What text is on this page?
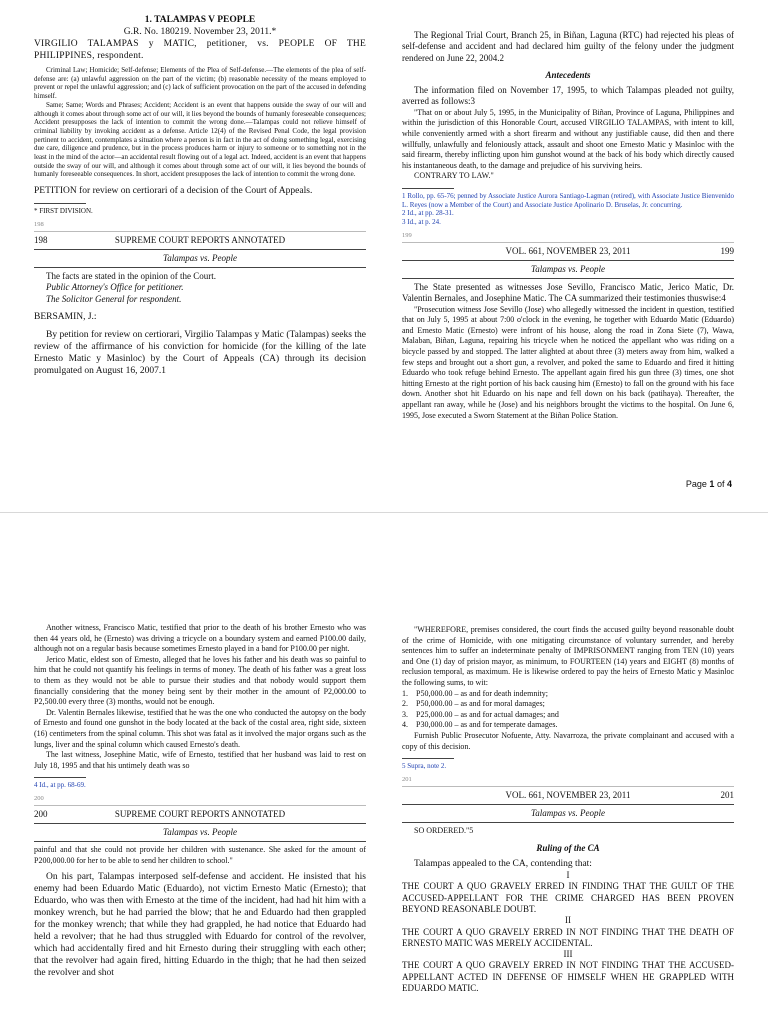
1. TALAMPAS V PEOPLE

G.R. No. 180219. November 23, 2011.*

VIRGILIO TALAMPAS y MATIC, petitioner, vs. PEOPLE OF THE PHILIPPINES, respondent.

Criminal Law; Homicide; Self-defense; Elements of the Plea of Self-defense.—The elements of the plea of self-defense are: (a) unlawful aggression on the part of the victim; (b) reasonable necessity of the means employed to prevent or repel the unlawful aggression; and (c) lack of sufficient provocation on the part of the accused in defending himself.

Same; Same; Words and Phrases; Accident; Accident is an event that happens outside the sway of our will and although it comes about through some act of our will, it lies beyond the bounds of humanly foreseeable consequences; Accident presupposes the lack of intention to commit the wrong done.—Talampas could not relieve himself of criminal liability by invoking accident as a defense. Article 12(4) of the Revised Penal Code, the legal provision pertinent to accident, contemplates a situation where a person is in fact in the act of doing something legal, exercising due care, diligence and prudence, but in the process produces harm or injury to someone or to something not in the least in the mind of the actor—an accidental result flowing out of a legal act. Indeed, accident is an event that happens outside the sway of our will, and although it comes about through some act of our will, it lies beyond the bounds of humanly foreseeable consequences. In short, accident presupposes the lack of intention to commit the wrong done.

PETITION for review on certiorari of a decision of the Court of Appeals.

* FIRST DIVISION.

198

198	SUPREME COURT REPORTS ANNOTATED

Talampas vs. People

The facts are stated in the opinion of the Court.

Public Attorney's Office for petitioner.

The Solicitor General for respondent.

BERSAMIN, J.:

By petition for review on certiorari, Virgilio Talampas y Matic (Talampas) seeks the review of the affirmance of his conviction for homicide (for the killing of the late Ernesto Matic y Masinloc) by the Court of Appeals (CA) through its decision promulgated on August 16, 2007.1

The Regional Trial Court, Branch 25, in Biñan, Laguna (RTC) had rejected his pleas of self-defense and accident and had declared him guilty of the felony under the judgment rendered on June 22, 2004.2

Antecedents

The information filed on November 17, 1995, to which Talampas pleaded not guilty, averred as follows:3

"That on or about July 5, 1995, in the Municipality of Biñan, Province of Laguna, Philippines and within the jurisdiction of this Honorable Court, accused VIRGILIO TALAMPAS, with intent to kill, while conveniently armed with a short firearm and without any justifiable cause, did then and there willfully, unlawfully and feloniously attack, assault and shoot one Ernesto Matic y Masinloc with the said firearm, thereby inflicting upon him gunshot wound at the back of his body which directly caused his instantaneous death, to the damage and prejudice of his surviving heirs.

CONTRARY TO LAW."

1 Rollo, pp. 65-76; penned by Associate Justice Aurora Santiago-Lagman (retired), with Associate Justice Bienvenido L. Reyes (now a Member of the Court) and Associate Justice Apolinario D. Bruselas, Jr. concurring.

2 Id., at pp. 28-31.

3 Id., at p. 24.

199

VOL. 661, NOVEMBER 23, 2011	199

Talampas vs. People

The State presented as witnesses Jose Sevillo, Francisco Matic, Jerico Matic, Dr. Valentin Bernales, and Josephine Matic. The CA summarized their testimonies thuswise:4

"Prosecution witness Jose Sevillo (Jose) who allegedly witnessed the incident in question, testified that on July 5, 1995 at about 7:00 o'clock in the evening, he together with Eduardo Matic (Eduardo) and Ernesto Matic (Ernesto) were infront of his house, along the road in Zona Siete (7), Wawa, Malaban, Biñan, Laguna, repairing his tricycle when he noticed the appellant who was riding on a bicycle passed by and stopped. The latter alighted at about three (3) meters away from him, walked a few steps and brought out a short gun, a revolver, and poked the same to Eduardo and fired it hitting Eduardo who took refuge behind Ernesto. The appellant again fired his gun three (3) times, one shot hitting Ernesto at the right portion of his back causing him (Ernesto) to fall on the ground with his face down. Another shot hit Eduardo on his nape and fell down on his back (patihaya). Thereafter, the appellant ran away, while he (Jose) and his neighbors brought the victims to the hospital. On June 6, 1995, Jose executed a Sworn Statement at the Biñan Police Station.

Page 1 of 4

Another witness, Francisco Matic, testified that prior to the death of his brother Ernesto who was then 44 years old, he (Ernesto) was driving a tricycle on a boundary system and earned P100.00 daily, although not on a regular basis because sometimes Ernesto played in a band for P100.00 per night.

Jerico Matic, eldest son of Ernesto, alleged that he loves his father and his death was so painful to him that he could not quantify his feelings in terms of money. The death of his father was a great loss to them as they would not be able to pursue their studies and that nobody would support them financially considering that the money being sent by their mother in the amount of P2,000.00 to P2,500.00 every three (3) months, would not be enough.

Dr. Valentin Bernales likewise, testified that he was the one who conducted the autopsy on the body of Ernesto and found one gunshot in the body located at the back of the costal area, right side, sixteen (16) centimeters from the spinal column. This shot was fatal as it involved the major organs such as the lungs, liver and the spinal column which caused Ernesto's death.

The last witness, Josephine Matic, wife of Ernesto, testified that her husband was laid to rest on July 18, 1995 and that his untimely death was so

4 Id., at pp. 68-69.

200

200	SUPREME COURT REPORTS ANNOTATED

Talampas vs. People

painful and that she could not provide her children with sustenance. She asked for the amount of P200,000.00 for her to be able to send her children to school."

On his part, Talampas interposed self-defense and accident. He insisted that his enemy had been Eduardo Matic (Eduardo), not victim Ernesto Matic (Ernesto); that Eduardo, who was then with Ernesto at the time of the incident, had had hit him with a monkey wrench, but he had parried the blow; that he and Eduardo had then grappled for the monkey wrench; that while they had grappled, he had notice that Eduardo had held a revolver; that he had thus struggled with Eduardo for control of the revolver, which had accidentally fired and hit Ernesto during their struggling with each other; that the revolver had again fired, hitting Eduardo in the thigh; that he had then seized the revolver and shot

"WHEREFORE, premises considered, the court finds the accused guilty beyond reasonable doubt of the crime of Homicide, with one mitigating circumstance of voluntary surrender, and hereby sentences him to suffer an indeterminate penalty of IMPRISONMENT ranging from TEN (10) years and One (1) day of prision mayor, as minimum, to FOURTEEN (14) years and EIGHT (8) months of reclusion temporal, as maximum. He is likewise ordered to pay the heirs of Ernesto Matic y Masinloc the following sums, to wit:

1.	P50,000.00 – as and for death indemnity;
2.	P50,000.00 – as and for moral damages;
3.	P25,000.00 – as and for actual damages; and
4.	P30,000.00 – as and for temperate damages.

Furnish Public Prosecutor Nofuente, Atty. Navarroza, the private complainant and accused with a copy of this decision.

5 Supra, note 2.

201

VOL. 661, NOVEMBER 23, 2011	201

Talampas vs. People

SO ORDERED."5

Ruling of the CA

Talampas appealed to the CA, contending that:

I

THE COURT A QUO GRAVELY ERRED IN FINDING THAT THE GUILT OF THE ACCUSED-APPELLANT FOR THE CRIME CHARGED HAS BEEN PROVEN BEYOND REASONABLE DOUBT.

II

THE COURT A QUO GRAVELY ERRED IN NOT FINDING THAT THE DEATH OF ERNESTO MATIC WAS MERELY ACCIDENTAL.

III

THE COURT A QUO GRAVELY ERRED IN NOT FINDING THAT THE ACCUSED-APPELLANT ACTED IN DEFENSE OF HIMSELF WHEN HE GRAPPLED WITH EDUARDO MATIC.
